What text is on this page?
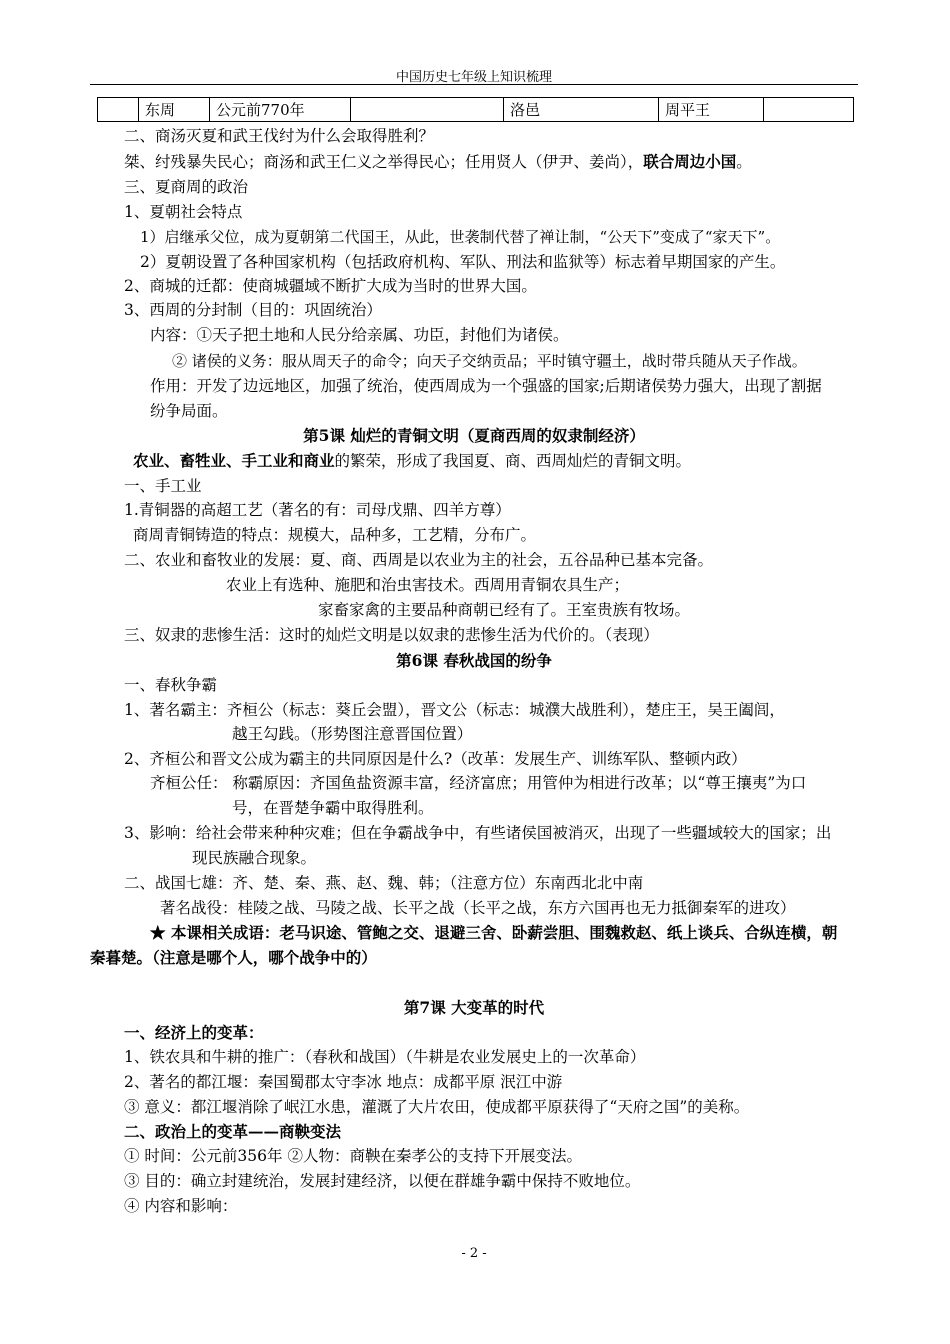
中国历史七年级上知识梳理
	东周	公元前770年		洛邑	周平王	
二、商汤灭夏和武王伐纣为什么会取得胜利？
桀、纣残暴失民心；商汤和武王仁义之举得民心；任用贤人（伊尹、姜尚），联合周边小国。
三、夏商周的政治
1、夏朝社会特点
1）启继承父位，成为夏朝第二代国王，从此，世袭制代替了禅让制，“公天下”变成了“家天下”。
2）夏朝设置了各种国家机构（包括政府机构、军队、刑法和监狱等）标志着早期国家的产生。
2、商城的迁都：使商城疆域不断扩大成为当时的世界大国。
3、西周的分封制（目的：巩固统治）
内容：①天子把土地和人民分给亲属、功臣，封他们为诸侯。
② 诸侯的义务：服从周天子的命令；向天子交纳贡品；平时镇守疆土，战时带兵随从天子作战。
作用：开发了边远地区，加强了统治，使西周成为一个强盛的国家;后期诸侯势力强大，出现了割据
纷争局面。
第5课 灿烂的青铜文明（夏商西周的奴隶制经济）
农业、畜牲业、手工业和商业的繁荣，形成了我国夏、商、西周灿烂的青铜文明。
一、手工业
1.青铜器的高超工艺（著名的有：司母戊鼎、四羊方尊）
商周青铜铸造的特点：规模大，品种多，工艺精，分布广。
二、农业和畜牧业的发展：夏、商、西周是以农业为主的社会，五谷品种已基本完备。
农业上有选种、施肥和治虫害技术。西周用青铜农具生产；
家畜家禽的主要品种商朝已经有了。王室贵族有牧场。
三、奴隶的悲惨生活：这时的灿烂文明是以奴隶的悲惨生活为代价的。（表现）
第6课 春秋战国的纷争
一、春秋争霸
1、著名霸主：齐桓公（标志：葵丘会盟），晋文公（标志：城濮大战胜利），楚庄王，吴王阖闾，
越王勾践。（形势图注意晋国位置）
2、齐桓公和晋文公成为霸主的共同原因是什么?（改革：发展生产、训练军队、整顿内政）
齐桓公任： 称霸原因：齐国鱼盐资源丰富，经济富庶；用管仲为相进行改革；以“尊王攘夷”为口
号，在晋楚争霸中取得胜利。
3、影响：给社会带来种种灾难；但在争霸战争中，有些诸侯国被消灭，出现了一些疆域较大的国家；出
现民族融合现象。
二、战国七雄：齐、楚、秦、燕、赵、魏、韩；（注意方位）东南西北北中南
著名战役：桂陵之战、马陵之战、长平之战（长平之战，东方六国再也无力抵御秦军的进攻）
★ 本课相关成语：老马识途、管鲍之交、退避三舍、卧薪尝胆、围魏救赵、纸上谈兵、合纵连横，朝
秦暮楚。（注意是哪个人，哪个战争中的）
第7课 大变革的时代
一、经济上的变革：
1、铁农具和牛耕的推广：（春秋和战国）（牛耕是农业发展史上的一次革命）
2、著名的都江堰：秦国蜀郡太守李冰 地点：成都平原 泯江中游
③ 意义：都江堰消除了岷江水患，灌溉了大片农田，使成都平原获得了“天府之国”的美称。
二、政治上的变革——商鞅变法
① 时间：公元前356年 ②人物：商鞅在秦孝公的支持下开展变法。
③ 目的：确立封建统治，发展封建经济，以便在群雄争霸中保持不败地位。
④ 内容和影响：
- 2 -
